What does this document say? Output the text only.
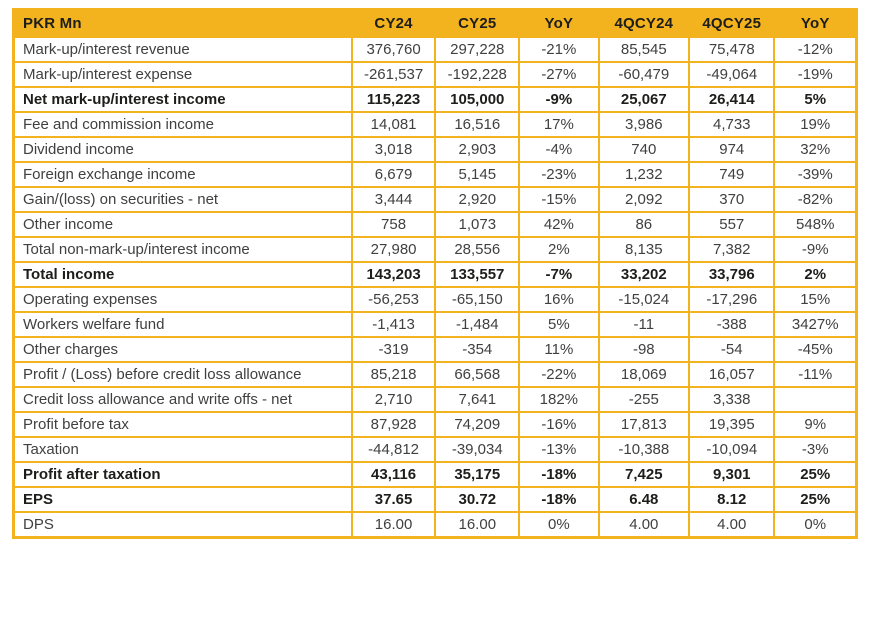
PKR Mn	CY24	CY25	YoY	4QCY24	4QCY25	YoY
Mark-up/interest revenue	376,760	297,228	-21%	85,545	75,478	-12%
Mark-up/interest expense	-261,537	-192,228	-27%	-60,479	-49,064	-19%
Net mark-up/interest income	115,223	105,000	-9%	25,067	26,414	5%
Fee and commission income	14,081	16,516	17%	3,986	4,733	19%
Dividend income	3,018	2,903	-4%	740	974	32%
Foreign exchange income	6,679	5,145	-23%	1,232	749	-39%
Gain/(loss) on securities - net	3,444	2,920	-15%	2,092	370	-82%
Other income	758	1,073	42%	86	557	548%
Total non-mark-up/interest income	27,980	28,556	2%	8,135	7,382	-9%
Total income	143,203	133,557	-7%	33,202	33,796	2%
Operating expenses	-56,253	-65,150	16%	-15,024	-17,296	15%
Workers welfare fund	-1,413	-1,484	5%	-11	-388	3427%
Other charges	-319	-354	11%	-98	-54	-45%
Profit / (Loss) before credit loss allowance	85,218	66,568	-22%	18,069	16,057	-11%
Credit loss allowance and write offs - net	2,710	7,641	182%	-255	3,338	
Profit before tax	87,928	74,209	-16%	17,813	19,395	9%
Taxation	-44,812	-39,034	-13%	-10,388	-10,094	-3%
Profit after taxation	43,116	35,175	-18%	7,425	9,301	25%
EPS	37.65	30.72	-18%	6.48	8.12	25%
DPS	16.00	16.00	0%	4.00	4.00	0%
